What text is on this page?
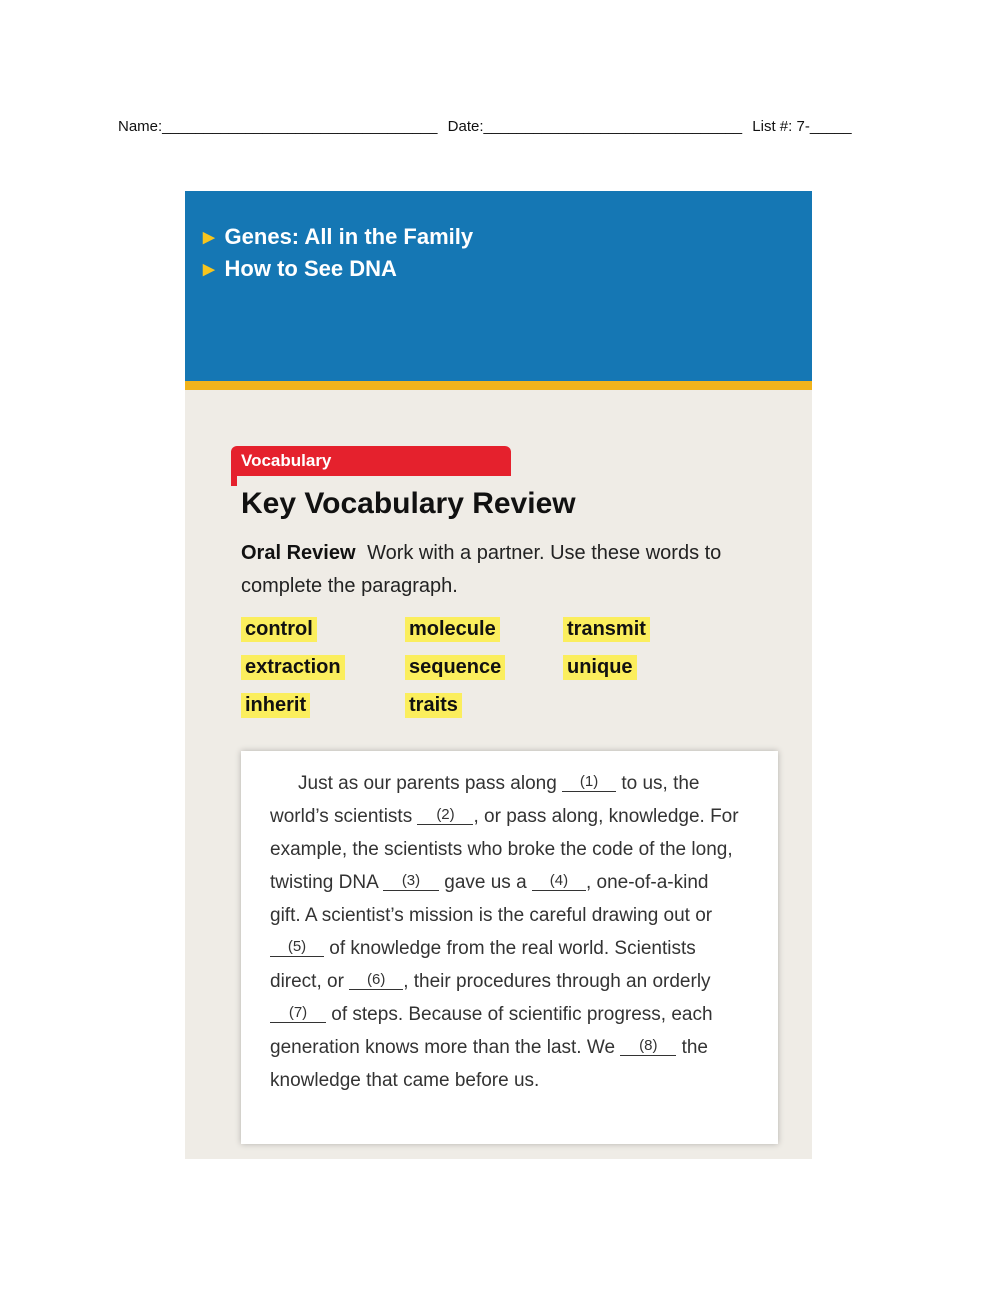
Name:_________________________________ Date:_______________________________ List #: 7-_____
▶ Genes: All in the Family
▶ How to See DNA
Vocabulary
Key Vocabulary Review
Oral Review Work with a partner. Use these words to complete the paragraph.
control	molecule	transmit
extraction	sequence	unique
inherit	traits
Just as our parents pass along (1) to us, the world’s scientists (2) , or pass along, knowledge. For example, the scientists who broke the code of the long, twisting DNA (3) gave us a (4) , one-of-a-kind gift. A scientist’s mission is the careful drawing out or (5) of knowledge from the real world. Scientists direct, or (6) , their procedures through an orderly (7) of steps. Because of scientific progress, each generation knows more than the last. We (8) the knowledge that came before us.
